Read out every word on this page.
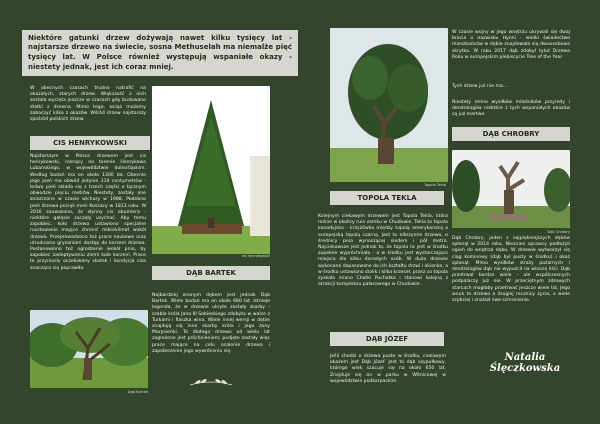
Niektóre gatunki drzew dożywają nawet kilku tysięcy lat - najstarsze drzewo na świecie, sosna Methuselah ma niemalże pięć tysięcy lat. W Polsce również występują wspaniałe okazy - niestety jednak, jest ich coraz mniej.
W obecnych czasach trudno natrafić na okazałych, starych drzew. Większość z nich została wycięta jeszcze w czasach gdy budowano statki z drewna. Mimo tego, wciąż możemy zobaczyć kilka z okazów. Wśród drzew najstarszy spośród polskich drzew.
CIS HENRYKOWSKI
Najstarszym w Polsce drzewem jest cis henrykowski, rosnący na terenie Henrykowa Lubańskiego, w województwie dolnośląskim. Według badań ma on około 1300 lat. Obecnie jego pień ma obwód jedynie 310 centymetrów - ledwo pień składa się z trzech części o łącznym obwodzie pięciu metrów. Niestety, zostały one zniszczone w czasie wichury w 1988. Podobno pień drzewa pocięli mieli Koszacy w 1813 roku. W 2016 zauważono, że słynny cis obumiera - niektóre gałęzie zaczęły usychać. Aby temu zapobiec, koło drzewa ustawiono specjalne rusztowanie mające chronić mikroklimat wokół drzewa. Przeprowadzono też prace naukowe oraz utrudniono gryzoniom dostęp do korzeni drzewa. Postanowiono też ogrodzenie wokół pnia, by zapobiec zadeptywaniu ziemi koło korzeni. Prace te przyniosły oczekiwany skutek i kondycja cisa znacząco się poprawiła.
Dąb Bartek
cis henrykowski
DĄB BARTEK
Najbardziej znanym dębem jest jednak Dąb Bartek. Wiele badań ma on około 680 lat. Istnieje legenda, że w drzewie ukryte zostały skarby - szabla króla Jana III Sobieskiego zdobyta w walce z Turkami i flaszka wina. Wiele innej wersji w dębie znajdują się inne skarby króla i jego żony Marysieńki. To dlatego drzewo od wielu lat zagrożone jest próchnieniem; podjęte zostały więc prace mające na celu ocalenie drzewa i zapobieżenie jego wywróceniu się.
Topola Tekla
TOPOLA TEKLA
Kolejnym ciekawym drzewem jest Topola Tekla, która rośnie w okolicy ruin zamku w Chudowie. Tekla to topola kanadyjska - krzyżówka między topolą amerykańską a europejską topolą czarną. Jest to olbrzymie drzewo, o średnicy pnia wynoszącej siedem i pół metra. Najciekawsze jest jednak to, że topola ta jest w środku zupełnie wypróchniała - a w środku jest wystarczająco miejsca dla kilku dorosłych osób. W dużo drzewie wykonano dopasowane do ich kształtu drzwi i okienko, a w środku ustawiono stolik i kilka krzeseł, przez co topola zyskała miano Chatki Puchatka i stanowi kolejną z atrakcji kompleksu pałacowego w Chudowie.
DĄB JÓZEF
Jeśli chodzi o drzewa puste w środku, ciekawym okazem jest Dąb Józef. Jest to dąb szypułkowy, którego wiek szacuje się na około 650 lat. Znajduje się on w parku w Witnicowej w województwie podkarpackim.
W czasie wojny w jego wnętrzu ukrywali się dwaj bracia o nazwisku Hynni - wielki świadectwo mieszkańców w dębie znajdowała się dwuosobowa skrytka. W roku 2017 dąb zdobył tytuł Drzewa Roku w europejskim plebiscycie Tree of the Year.
Tych drzew już nie ma...
Niestety mimo wysiłków miłośników przyrody i dendrologów niektóre z tych wspaniałych okazów są już martwe.
DĄB CHROBRY
Dąb Chrobry
Dąb Chrobry, jeden z najpiękniejszych dębów spłonął w 2014 roku. Nieznani sprawcy podłożyli ogień do wnętrza dębu. W drzewie wytworzył się ciąg kominowy (dąb był pusty w środku) i okaz spłonął. Mimo wysiłków straży pożarnych i dendrologów dąb nie wypuścił na wiosnę liści. Dąb przetrwał bardzo wiele - ale współczesnych podpalaczy już nie. W przeciętnym zdrowych starcach mogłaby przetrwać jeszcze wiele lat. Jego wnuk to drzewo o drugiej rocznicy życia, o wiele szybciej i znalazł swe schronienie.
Natalia Ślęczkowska
